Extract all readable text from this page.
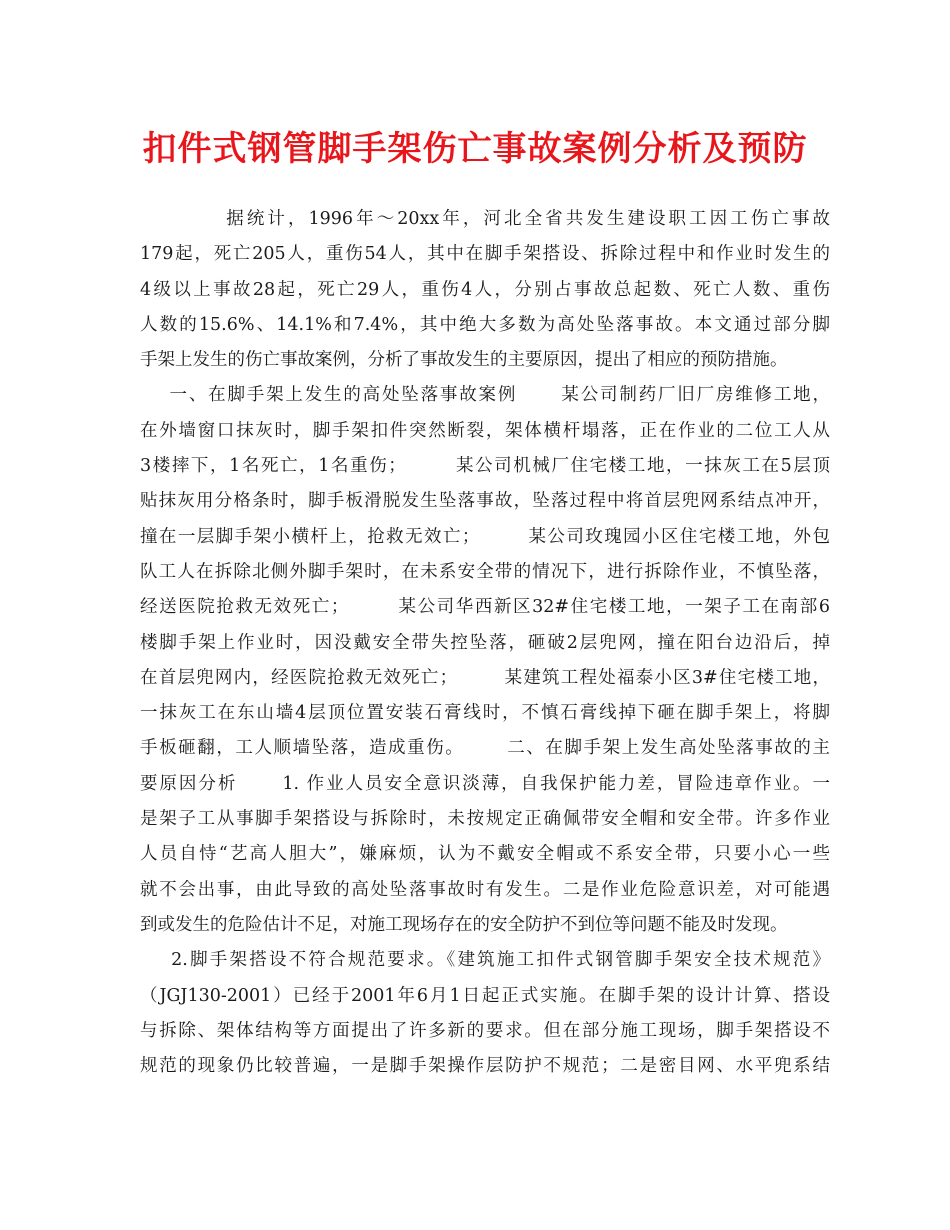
扣件式钢管脚手架伤亡事故案例分析及预防
据统计，1996年～20xx年，河北全省共发生建设职工因工伤亡事故
179起，死亡205人，重伤54人，其中在脚手架搭设、拆除过程中和作业时发生的
4级以上事故28起，死亡29人，重伤4人，分别占事故总起数、死亡人数、重伤
人数的15.6%、14.1%和7.4%，其中绝大多数为高处坠落事故。本文通过部分脚
手架上发生的伤亡事故案例，分析了事故发生的主要原因，提出了相应的预防措施。
一、在脚手架上发生的高处坠落事故案例      某公司制药厂旧厂房维修工地，
在外墙窗口抹灰时，脚手架扣件突然断裂，架体横杆塌落，正在作业的二位工人从
3楼摔下，1名死亡，1名重伤；       某公司机械厂住宅楼工地，一抹灰工在5层顶
贴抹灰用分格条时，脚手板滑脱发生坠落事故，坠落过程中将首层兜网系结点冲开，
撞在一层脚手架小横杆上，抢救无效亡；       某公司玫瑰园小区住宅楼工地，外包
队工人在拆除北侧外脚手架时，在未系安全带的情况下，进行拆除作业，不慎坠落，
经送医院抢救无效死亡；       某公司华西新区32#住宅楼工地，一架子工在南部6
楼脚手架上作业时，因没戴安全带失控坠落，砸破2层兜网，撞在阳台边沿后，掉
在首层兜网内，经医院抢救无效死亡；       某建筑工程处福泰小区3#住宅楼工地，
一抹灰工在东山墙4层顶位置安装石膏线时，不慎石膏线掉下砸在脚手架上，将脚
手板砸翻，工人顺墙坠落，造成重伤。      二、在脚手架上发生高处坠落事故的主
要原因分析      1. 作业人员安全意识淡薄，自我保护能力差，冒险违章作业。一
是架子工从事脚手架搭设与拆除时，未按规定正确佩带安全帽和安全带。许多作业
人员自恃“艺高人胆大”，嫌麻烦，认为不戴安全帽或不系安全带，只要小心一些
就不会出事，由此导致的高处坠落事故时有发生。二是作业危险意识差，对可能遇
到或发生的危险估计不足，对施工现场存在的安全防护不到位等问题不能及时发现。
2.脚手架搭设不符合规范要求。《建筑施工扣件式钢管脚手架安全技术规范》
（JGJ130-2001）已经于2001年6月1日起正式实施。在脚手架的设计计算、搭设
与拆除、架体结构等方面提出了许多新的要求。但在部分施工现场，脚手架搭设不
规范的现象仍比较普遍，一是脚手架操作层防护不规范；二是密目网、水平兜系结
